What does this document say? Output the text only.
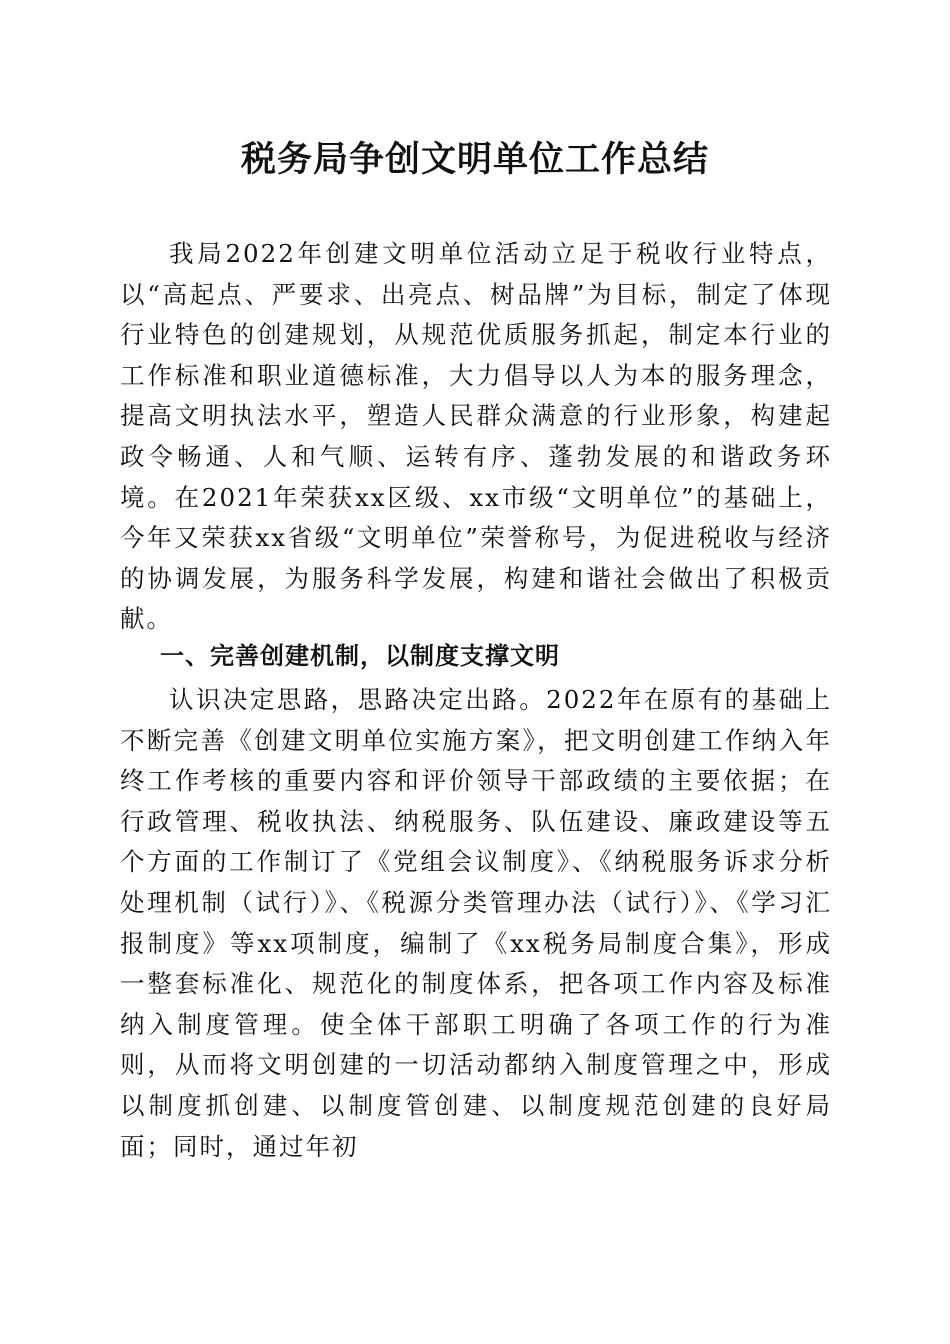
税务局争创文明单位工作总结

我局2022年创建文明单位活动立足于税收行业特点，以“高起点、严要求、出亮点、树品牌”为目标，制定了体现行业特色的创建规划，从规范优质服务抓起，制定本行业的工作标准和职业道德标准，大力倡导以人为本的服务理念，提高文明执法水平，塑造人民群众满意的行业形象，构建起政令畅通、人和气顺、运转有序、蓬勃发展的和谐政务环境。在2021年荣获xx区级、xx市级“文明单位”的基础上，今年又荣获xx省级“文明单位”荣誉称号，为促进税收与经济的协调发展，为服务科学发展，构建和谐社会做出了积极贡献。

一、完善创建机制，以制度支撑文明

认识决定思路，思路决定出路。2022年在原有的基础上不断完善《创建文明单位实施方案》，把文明创建工作纳入年终工作考核的重要内容和评价领导干部政绩的主要依据；在行政管理、税收执法、纳税服务、队伍建设、廉政建设等五个方面的工作制订了《党组会议制度》、《纳税服务诉求分析处理机制（试行）》、《税源分类管理办法（试行）》、《学习汇报制度》等xx项制度，编制了《xx税务局制度合集》，形成一整套标准化、规范化的制度体系，把各项工作内容及标准纳入制度管理。使全体干部职工明确了各项工作的行为准则，从而将文明创建的一切活动都纳入制度管理之中，形成以制度抓创建、以制度管创建、以制度规范创建的良好局面；同时，通过年初
